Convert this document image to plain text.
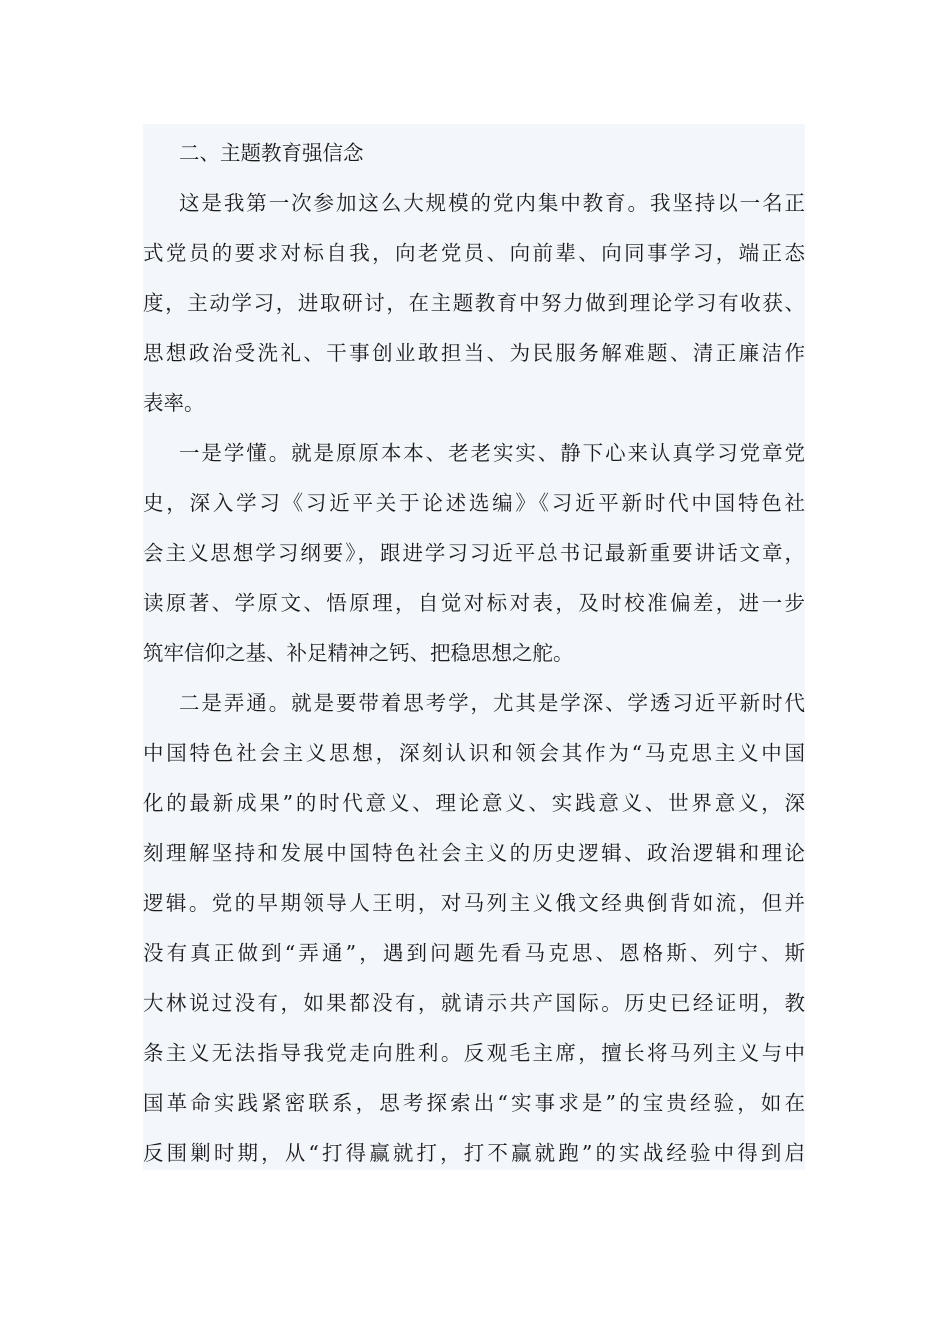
二、主题教育强信念
这是我第一次参加这么大规模的党内集中教育。我坚持以一名正
式党员的要求对标自我，向老党员、向前辈、向同事学习，端正态
度，主动学习，进取研讨，在主题教育中努力做到理论学习有收获、
思想政治受洗礼、干事创业敢担当、为民服务解难题、清正廉洁作
表率。
一是学懂。就是原原本本、老老实实、静下心来认真学习党章党
史，深入学习《习近平关于论述选编》《习近平新时代中国特色社
会主义思想学习纲要》，跟进学习习近平总书记最新重要讲话文章，
读原著、学原文、悟原理，自觉对标对表，及时校准偏差，进一步
筑牢信仰之基、补足精神之钙、把稳思想之舵。
二是弄通。就是要带着思考学，尤其是学深、学透习近平新时代
中国特色社会主义思想，深刻认识和领会其作为“马克思主义中国
化的最新成果”的时代意义、理论意义、实践意义、世界意义，深
刻理解坚持和发展中国特色社会主义的历史逻辑、政治逻辑和理论
逻辑。党的早期领导人王明，对马列主义俄文经典倒背如流，但并
没有真正做到“弄通”，遇到问题先看马克思、恩格斯、列宁、斯
大林说过没有，如果都没有，就请示共产国际。历史已经证明，教
条主义无法指导我党走向胜利。反观毛主席，擅长将马列主义与中
国革命实践紧密联系，思考探索出“实事求是”的宝贵经验，如在
反围剿时期，从“打得赢就打，打不赢就跑”的实战经验中得到启
